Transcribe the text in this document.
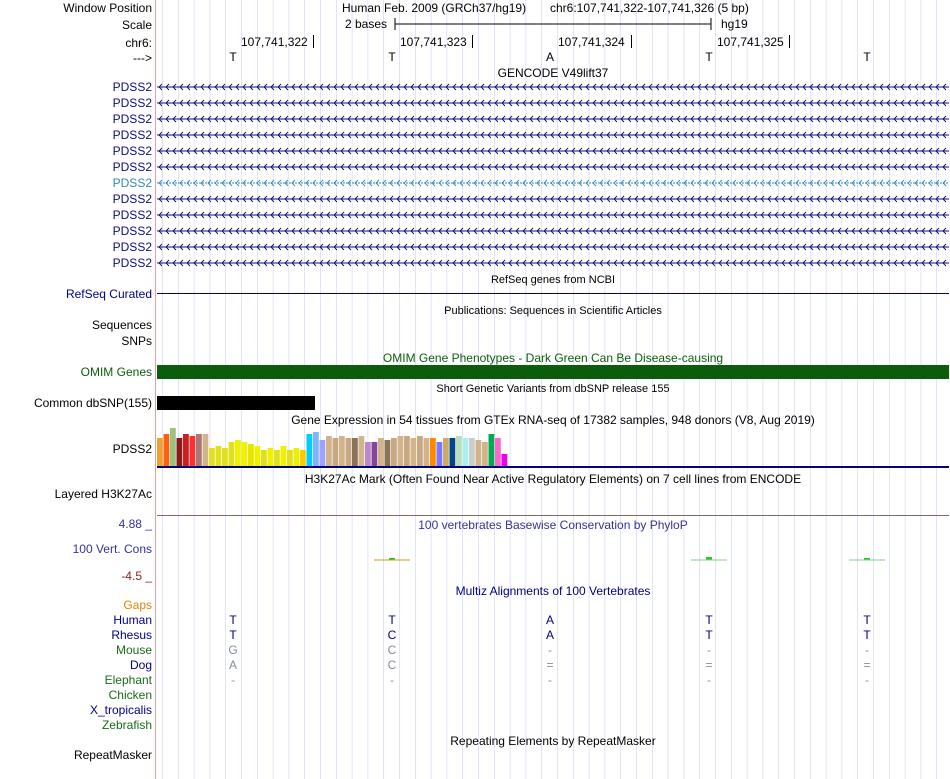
Window Position	Human Feb. 2009 (GRCh37/hg19) chr6:107,741,322-107,741,326 (5 bp)
Scale	2 bases	hg19
chr6:	107,741,322	107,741,323	107,741,324	107,741,325
--->	T	T	A	T	T
GENCODE V49lift37
PDSS2
PDSS2
PDSS2
PDSS2
PDSS2
PDSS2
PDSS2
PDSS2
PDSS2
PDSS2
PDSS2
PDSS2
RefSeq genes from NCBI
RefSeq Curated
Publications: Sequences in Scientific Articles
Sequences
SNPs
OMIM Gene Phenotypes - Dark Green Can Be Disease-causing
OMIM Genes
Short Genetic Variants from dbSNP release 155
Common dbSNP(155)
Gene Expression in 54 tissues from GTEx RNA-seq of 17382 samples, 948 donors (V8, Aug 2019)
PDSS2
H3K27Ac Mark (Often Found Near Active Regulatory Elements) on 7 cell lines from ENCODE
Layered H3K27Ac
100 vertebrates Basewise Conservation by PhyloP
4.88 _
100 Vert. Cons
-4.5 _
Multiz Alignments of 100 Vertebrates
Gaps
Human	T	T	A	T	T
Rhesus	T	C	A	T	T
Mouse	G	C	-	-	-
Dog	A	C	=	=	=
Elephant	-	-	-	-	-
Chicken
X_tropicalis
Zebrafish
Repeating Elements by RepeatMasker
RepeatMasker
